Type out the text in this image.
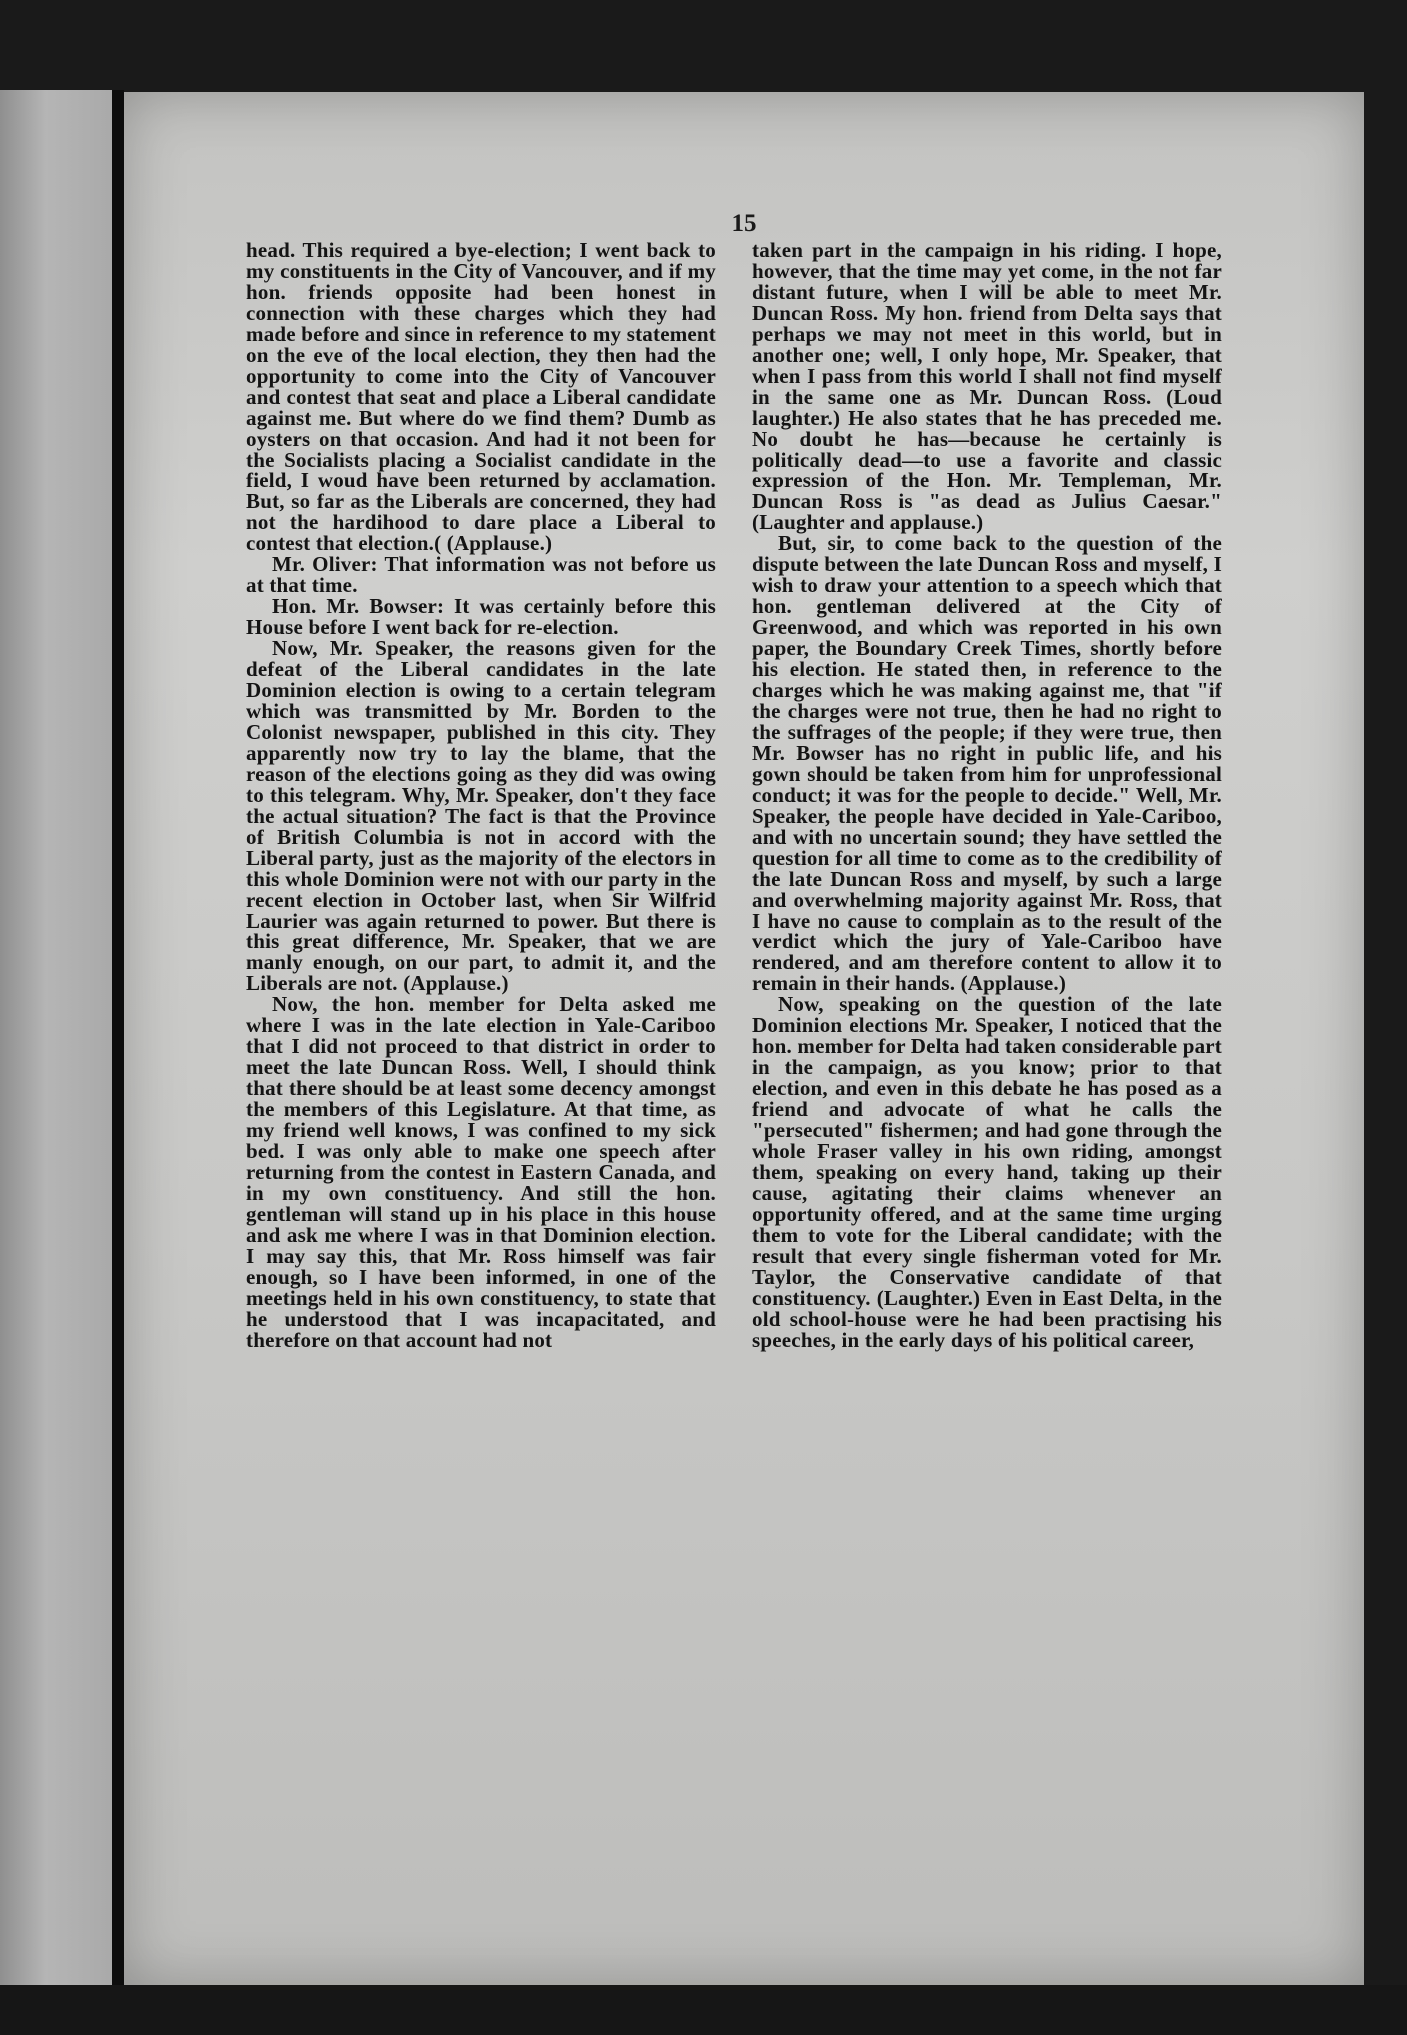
15

head. This required a bye-election; I went back to my constituents in the City of Vancouver, and if my hon. friends opposite had been honest in connection with these charges which they had made before and since in reference to my statement on the eve of the local election, they then had the opportunity to come into the City of Vancouver and contest that seat and place a Liberal candidate against me. But where do we find them? Dumb as oysters on that occasion. And had it not been for the Socialists placing a Socialist candidate in the field, I woud have been returned by acclamation. But, so far as the Liberals are concerned, they had not the hardihood to dare place a Liberal to contest that election.( (Applause.)

Mr. Oliver: That information was not before us at that time.

Hon. Mr. Bowser: It was certainly before this House before I went back for re-election.

Now, Mr. Speaker, the reasons given for the defeat of the Liberal candidates in the late Dominion election is owing to a certain telegram which was transmitted by Mr. Borden to the Colonist newspaper, published in this city. They apparently now try to lay the blame, that the reason of the elections going as they did was owing to this telegram. Why, Mr. Speaker, don't they face the actual situation? The fact is that the Province of British Columbia is not in accord with the Liberal party, just as the majority of the electors in this whole Dominion were not with our party in the recent election in October last, when Sir Wilfrid Laurier was again returned to power. But there is this great difference, Mr. Speaker, that we are manly enough, on our part, to admit it, and the Liberals are not. (Applause.)

Now, the hon. member for Delta asked me where I was in the late election in Yale-Cariboo that I did not proceed to that district in order to meet the late Duncan Ross. Well, I should think that there should be at least some decency amongst the members of this Legislature. At that time, as my friend well knows, I was confined to my sick bed. I was only able to make one speech after returning from the contest in Eastern Canada, and in my own constituency. And still the hon. gentleman will stand up in his place in this house and ask me where I was in that Dominion election. I may say this, that Mr. Ross himself was fair enough, so I have been informed, in one of the meetings held in his own constituency, to state that he understood that I was incapacitated, and therefore on that account had not

taken part in the campaign in his riding. I hope, however, that the time may yet come, in the not far distant future, when I will be able to meet Mr. Duncan Ross. My hon. friend from Delta says that perhaps we may not meet in this world, but in another one; well, I only hope, Mr. Speaker, that when I pass from this world I shall not find myself in the same one as Mr. Duncan Ross. (Loud laughter.) He also states that he has preceded me. No doubt he has—because he certainly is politically dead—to use a favorite and classic expression of the Hon. Mr. Templeman, Mr. Duncan Ross is "as dead as Julius Caesar." (Laughter and applause.)

But, sir, to come back to the question of the dispute between the late Duncan Ross and myself, I wish to draw your attention to a speech which that hon. gentleman delivered at the City of Greenwood, and which was reported in his own paper, the Boundary Creek Times, shortly before his election. He stated then, in reference to the charges which he was making against me, that "if the charges were not true, then he had no right to the suffrages of the people; if they were true, then Mr. Bowser has no right in public life, and his gown should be taken from him for unprofessional conduct; it was for the people to decide." Well, Mr. Speaker, the people have decided in Yale-Cariboo, and with no uncertain sound; they have settled the question for all time to come as to the credibility of the late Duncan Ross and myself, by such a large and overwhelming majority against Mr. Ross, that I have no cause to complain as to the result of the verdict which the jury of Yale-Cariboo have rendered, and am therefore content to allow it to remain in their hands. (Applause.)

Now, speaking on the question of the late Dominion elections Mr. Speaker, I noticed that the hon. member for Delta had taken considerable part in the campaign, as you know; prior to that election, and even in this debate he has posed as a friend and advocate of what he calls the "persecuted" fishermen; and had gone through the whole Fraser valley in his own riding, amongst them, speaking on every hand, taking up their cause, agitating their claims whenever an opportunity offered, and at the same time urging them to vote for the Liberal candidate; with the result that every single fisherman voted for Mr. Taylor, the Conservative candidate of that constituency. (Laughter.) Even in East Delta, in the old school-house were he had been practising his speeches, in the early days of his political career,
